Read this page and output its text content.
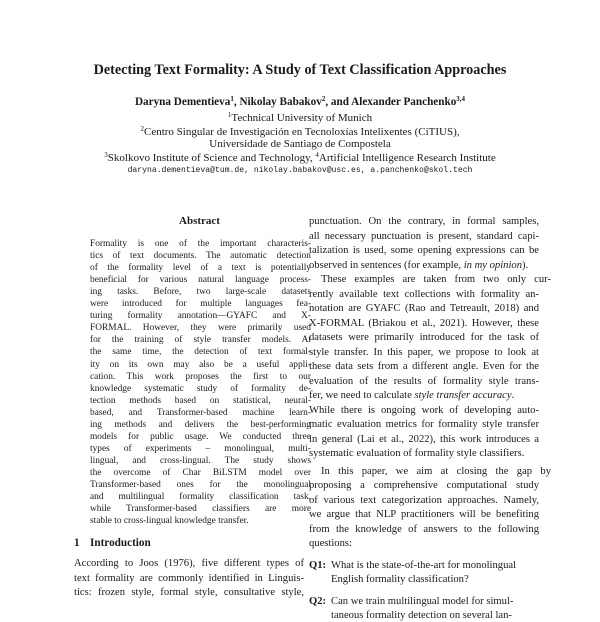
Detecting Text Formality: A Study of Text Classification Approaches
Daryna Dementieva$^1$, Nikolay Babakov$^2$, and Alexander Panchenko$^{3,4}$
$^1$Technical University of Munich
$^2$Centro Singular de Investigación en Tecnoloxías Intelixentes (CiTIUS),
Universidade de Santiago de Compostela
$^3$Skolkovo Institute of Science and Technology, $^4$Artificial Intelligence Research Institute
daryna.dementieva@tum.de, nikolay.babakov@usc.es, a.panchenko@skol.tech
Abstract
Formality is one of the important characteris-
tics of text documents. The automatic detection
of the formality level of a text is potentially
beneficial for various natural language process-
ing tasks. Before, two large-scale datasets
were introduced for multiple languages fea-
turing formality annotation—GYAFC and X-
FORMAL. However, they were primarily used
for the training of style transfer models. At
the same time, the detection of text formal-
ity on its own may also be a useful appli-
cation. This work proposes the first to our
knowledge systematic study of formality de-
tection methods based on statistical, neural-
based, and Transformer-based machine learn-
ing methods and delivers the best-performing
models for public usage. We conducted three
types of experiments – monolingual, multi-
lingual, and cross-lingual. The study shows
the overcome of Char BiLSTM model over
Transformer-based ones for the monolingual
and multilingual formality classification task,
while Transformer-based classifiers are more
stable to cross-lingual knowledge transfer.
1 Introduction
According to Joos (1976), five different types of
text formality are commonly identified in Linguis-
tics: frozen style, formal style, consultative style,
punctuation. On the contrary, in formal samples,
all necessary punctuation is present, standard capi-
talization is used, some opening expressions can be
observed in sentences (for example, in my opinion).
These examples are taken from two only cur-
rently available text collections with formality an-
notation are GYAFC (Rao and Tetreault, 2018) and
X-FORMAL (Briakou et al., 2021). However, these
datasets were primarily introduced for the task of
style transfer. In this paper, we propose to look at
these data sets from a different angle. Even for the
evaluation of the results of formality style trans-
fer, we need to calculate style transfer accuracy.
While there is ongoing work of developing auto-
matic evaluation metrics for formality style transfer
in general (Lai et al., 2022), this work introduces a
systematic evaluation of formality style classifiers.
In this paper, we aim at closing the gap by
proposing a comprehensive computational study
of various text categorization approaches. Namely,
we argue that NLP practitioners will be benefiting
from the knowledge of answers to the following
questions:
Q1: What is the state-of-the-art for monolingual
English formality classification?
Q2: Can we train multilingual model for simul-
taneous formality detection on several lan-
